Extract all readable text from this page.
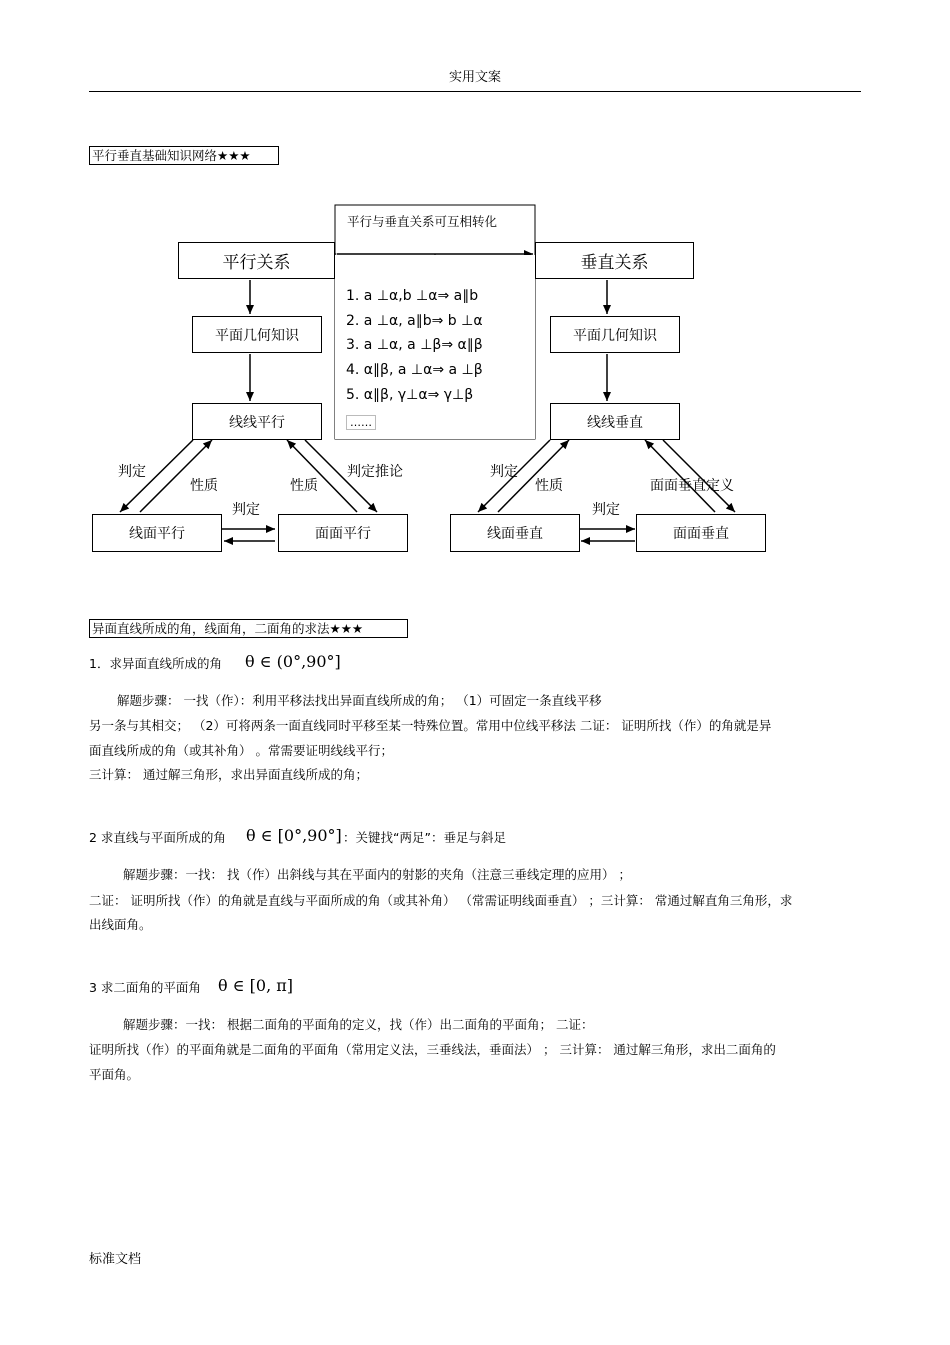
实用文案
平行垂直基础知识网络★★★
平行与垂直关系可互相转化
平行关系	垂直关系
1. a ⊥α,b ⊥α⇒ a∥b
2. a ⊥α, a∥b⇒ b ⊥α
3. a ⊥α, a ⊥β⇒ α∥β
4. α∥β, a ⊥α⇒ a ⊥β
5. α∥β, γ⊥α⇒ γ⊥β
……
平面几何知识	平面几何知识
线线平行	线线垂直
线面平行	面面平行	线面垂直	面面垂直
判定
性质	性质
判定推论
判定
判定
性质	面面垂直定义
判定
异面直线所成的角，线面角，二面角的求法★★★
1．求异面直线所成的角 θ ∈ (0°,90°]
解题步骤： 一找（作）：利用平移法找出异面直线所成的角； （1）可固定一条直线平移
另一条与其相交； （2）可将两条一面直线同时平移至某一特殊位置。常用中位线平移法 二证： 证明所找（作）的角就是异
面直线所成的角（或其补角） 。常需要证明线线平行；
三计算： 通过解三角形，求出异面直线所成的角；
2 求直线与平面所成的角 θ ∈ [0°,90°] ：关键找“两足”：垂足与斜足
解题步骤：一找： 找（作）出斜线与其在平面内的射影的夹角（注意三垂线定理的应用） ；
二证： 证明所找（作）的角就是直线与平面所成的角（或其补角） （常需证明线面垂直） ；三计算： 常通过解直角三角形，求
出线面角。
3 求二面角的平面角 θ ∈ [0, π]
解题步骤：一找： 根据二面角的平面角的定义，找（作）出二面角的平面角； 二证：
证明所找（作）的平面角就是二面角的平面角（常用定义法，三垂线法，垂面法） ； 三计算： 通过解三角形，求出二面角的
平面角。
标准文档
